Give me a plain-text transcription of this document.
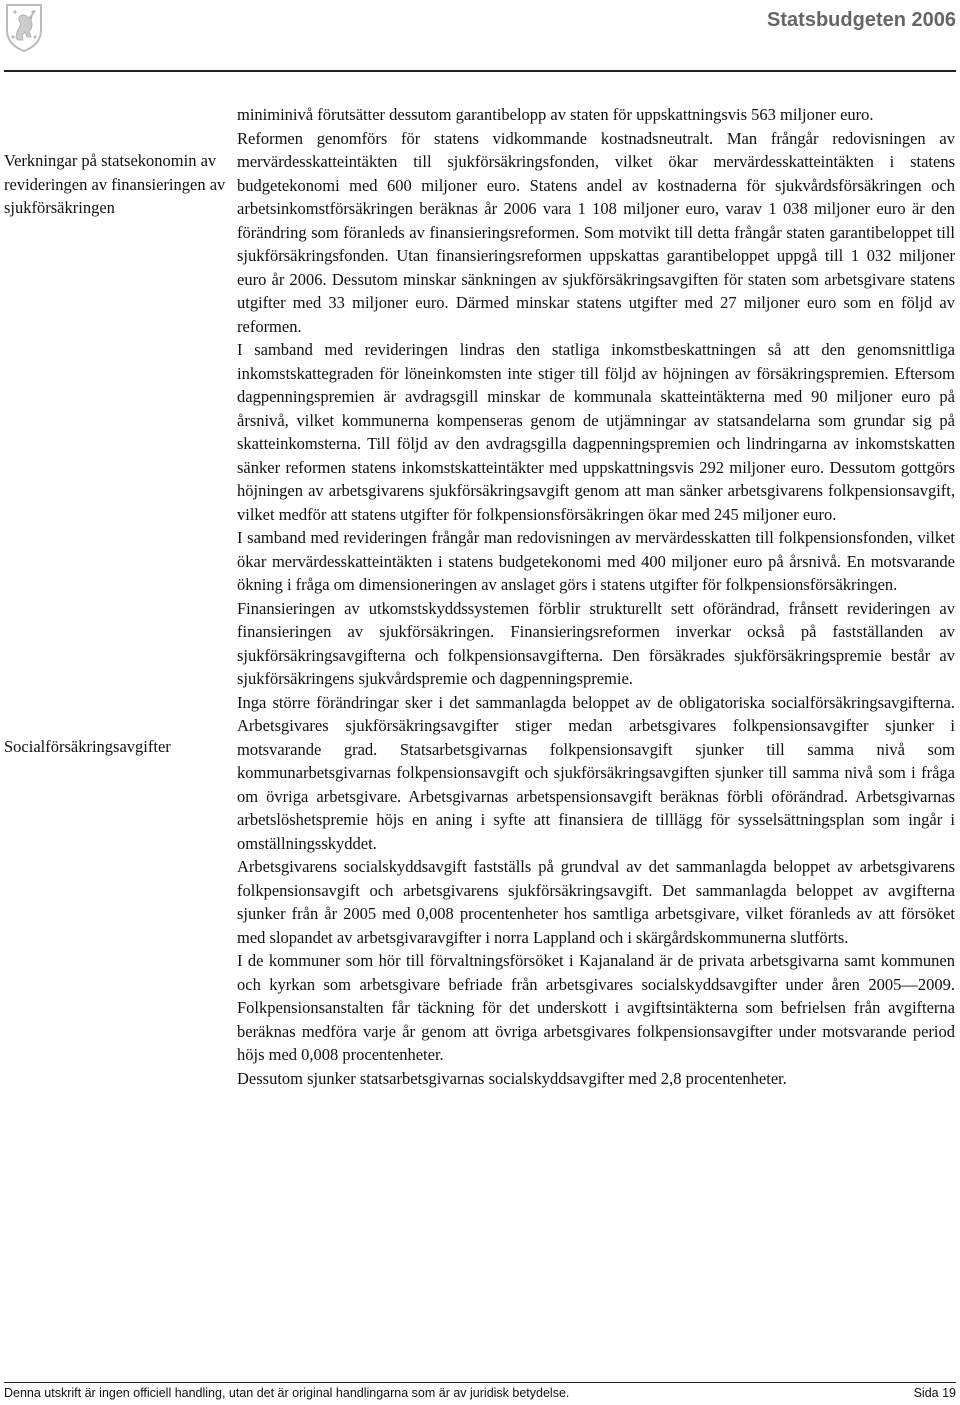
Statsbudgeten 2006
Verkningar på statsekonomin av revideringen av finansieringen av sjukförsäkringen
Socialförsäkringsavgifter

miniminivå förutsätter dessutom garantibelopp av staten för uppskattningsvis 563 miljoner euro.

Reformen genomförs för statens vidkommande kostnadsneutralt. Man frångår redovisningen av mervärdesskatteintäkten till sjukförsäkringsfonden, vilket ökar mervärdesskatteintäkten i statens budgetekonomi med 600 miljoner euro. Statens andel av kostnaderna för sjukvårdsförsäkringen och arbetsinkomstförsäkringen beräknas år 2006 vara 1 108 miljoner euro, varav 1 038 miljoner euro är den förändring som föranleds av finansieringsreformen. Som motvikt till detta frångår staten garantibeloppet till sjukförsäkringsfonden. Utan finansieringsreformen uppskattas garantibeloppet uppgå till 1 032 miljoner euro år 2006. Dessutom minskar sänkningen av sjukförsäkringsavgiften för staten som arbetsgivare statens utgifter med 33 miljoner euro. Därmed minskar statens utgifter med 27 miljoner euro som en följd av reformen.

I samband med revideringen lindras den statliga inkomstbeskattningen så att den genomsnittliga inkomstskattegraden för löneinkomsten inte stiger till följd av höjningen av försäkringspremien. Eftersom dagpenningspremien är avdragsgill minskar de kommunala skatteintäkterna med 90 miljoner euro på årsnivå, vilket kommunerna kompenseras genom de utjämningar av statsandelarna som grundar sig på skatteinkomsterna. Till följd av den avdragsgilla dagpenningspremien och lindringarna av inkomstskatten sänker reformen statens inkomstskatteintäkter med uppskattningsvis 292 miljoner euro. Dessutom gottgörs höjningen av arbetsgivarens sjukförsäkringsavgift genom att man sänker arbetsgivarens folkpensionsavgift, vilket medför att statens utgifter för folkpensionsförsäkringen ökar med 245 miljoner euro.

I samband med revideringen frångår man redovisningen av mervärdesskatten till folkpensionsfonden, vilket ökar mervärdesskatteintäkten i statens budgetekonomi med 400 miljoner euro på årsnivå. En motsvarande ökning i fråga om dimensioneringen av anslaget görs i statens utgifter för folkpensionsförsäkringen.

Finansieringen av utkomstskyddssystemen förblir strukturellt sett oförändrad, frånsett revideringen av finansieringen av sjukförsäkringen. Finansieringsreformen inverkar också på fastställanden av sjukförsäkringsavgifterna och folkpensionsavgifterna. Den försäkrades sjukförsäkringspremie består av sjukförsäkringens sjukvårdspremie och dagpenningspremie.

Inga större förändringar sker i det sammanlagda beloppet av de obligatoriska socialförsäkringsavgifterna. Arbetsgivares sjukförsäkringsavgifter stiger medan arbetsgivares folkpensionsavgifter sjunker i motsvarande grad. Statsarbetsgivarnas folkpensionsavgift sjunker till samma nivå som kommunarbetsgivarnas folkpensionsavgift och sjukförsäkringsavgiften sjunker till samma nivå som i fråga om övriga arbetsgivare. Arbetsgivarnas arbetspensionsavgift beräknas förbli oförändrad. Arbetsgivarnas arbetslöshetspremie höjs en aning i syfte att finansiera de tilllägg för sysselsättningsplan som ingår i omställningsskyddet.

Arbetsgivarens socialskyddsavgift fastställs på grundval av det sammanlagda beloppet av arbetsgivarens folkpensionsavgift och arbetsgivarens sjukförsäkringsavgift. Det sammanlagda beloppet av avgifterna sjunker från år 2005 med 0,008 procentenheter hos samtliga arbetsgivare, vilket föranleds av att försöket med slopandet av arbetsgivaravgifter i norra Lappland och i skärgårdskommunerna slutförts.

I de kommuner som hör till förvaltningsförsöket i Kajanaland är de privata arbetsgivarna samt kommunen och kyrkan som arbetsgivare befriade från arbetsgivares socialskyddsavgifter under åren 2005—2009. Folkpensionsanstalten får täckning för det underskott i avgiftsintäkterna som befrielsen från avgifterna beräknas medföra varje år genom att övriga arbetsgivares folkpensionsavgifter under motsvarande period höjs med 0,008 procentenheter.

Dessutom sjunker statsarbetsgivarnas socialskyddsavgifter med 2,8 procentenheter.

Denna utskrift är ingen officiell handling, utan det är original handlingarna som är av juridisk betydelse.	Sida 19
